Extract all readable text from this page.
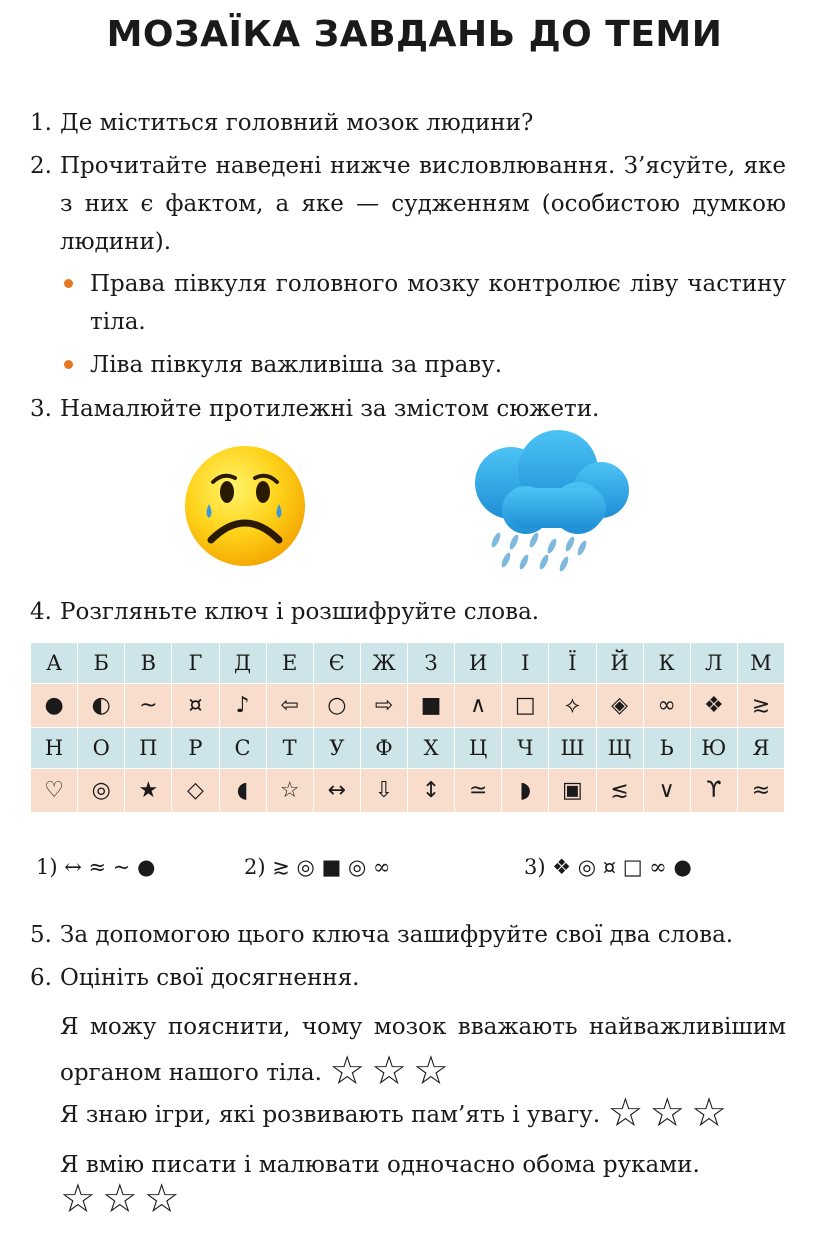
МОЗАЇКА ЗАВДАНЬ ДО ТЕМИ
1. Де міститься головний мозок людини?
2. Прочитайте наведені нижче висловлювання. З’ясуйте, яке з них є фактом, а яке — судженням (особистою думкою людини).
Права півкуля головного мозку контролює ліву частину тіла.
Ліва півкуля важливіша за праву.
3. Намалюйте протилежні за змістом сюжети.
4. Розгляньте ключ і розшифруйте слова.
А	Б	В	Г	Д	Е	Є	Ж	З	И	І	Ї	Й	К	Л	М
●	◐	~	¤	♪	⇦	○	⇨	■	∧	□	⟡	◈	∞	❖	≳
Н	О	П	Р	С	Т	У	Ф	Х	Ц	Ч	Ш	Щ	Ь	Ю	Я
♡	◎	★	◇	◖	☆	↔	⇩	↕	≃	◗	▣	≲	∨	ϒ	≈
1) ↔ ≈ ~ ●	2) ≳ ◎ ■ ◎ ∞	3) ❖ ◎ ¤ □ ∞ ●
5. За допомогою цього ключа зашифруйте свої два слова.
6. Оцініть свої досягнення.
Я можу пояснити, чому мозок вважають найважливішим органом нашого тіла. ☆☆☆
Я знаю ігри, які розвивають пам’ять і увагу. ☆☆☆
Я вмію писати і малювати одночасно обома руками.
☆☆☆
